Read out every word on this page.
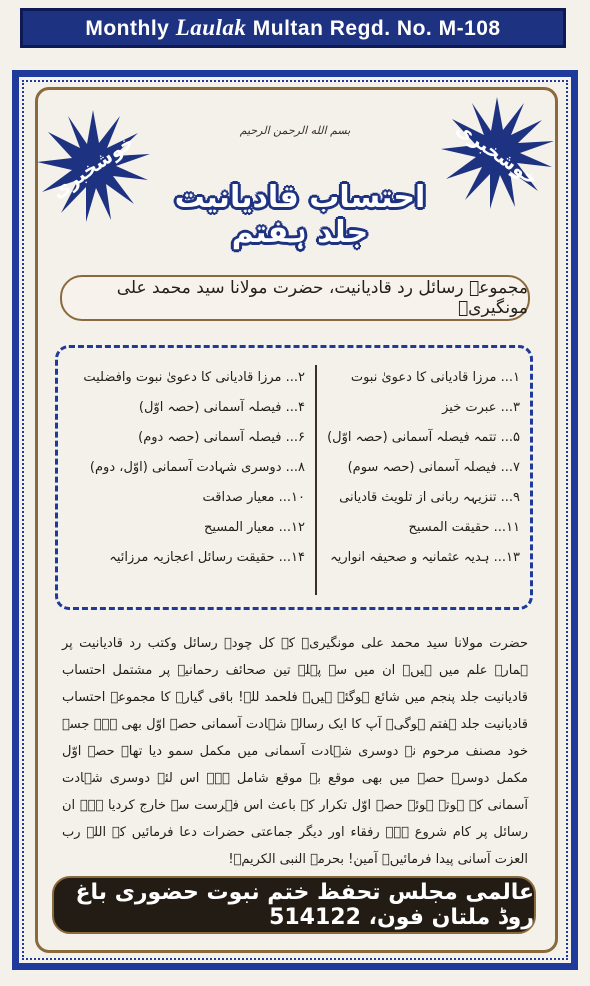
Monthly Laulak Multan Regd. No. M-108
خوشخبری	خوشخبری
بسم الله الرحمن الرحیم
احتساب قادیانیت جلد ہفتم
مجموعہ رسائل رد قادیانیت، حضرت مولانا سید محمد علی مونگیریؒ
۱... مرزا قادیانی کا دعویٰ نبوت
۳... عبرت خیز
۵... تتمہ فیصلہ آسمانی (حصہ اوّل)
۷... فیصلہ آسمانی (حصہ سوم)
۹... تنزیہہ ربانی از تلویث قادیانی
۱۱... حقیقت المسیح
۱۳... ہدیہ عثمانیہ و صحیفہ انواریہ
۲... مرزا قادیانی کا دعویٰ نبوت وافضلیت
۴... فیصلہ آسمانی (حصہ اوّل)
۶... فیصلہ آسمانی (حصہ دوم)
۸... دوسری شہادت آسمانی (اوّل، دوم)
۱۰... معیار صداقت
۱۲... معیار المسیح
۱۴... حقیقت رسائل اعجازیہ مرزائیہ
حضرت مولانا سید محمد علی مونگیریؒ کے کل چودہ رسائل وکتب رد قادیانیت پر ہمارے علم میں ہیں۔ ان میں سے پہلے تین صحائف رحمانیہ پر مشتمل احتساب قادیانیت جلد پنجم میں شائع ہوگئے ہیں۔ فلحمد للہ! باقی گیارہ کا مجموعہ احتساب قادیانیت جلد ہفتم ہوگی۔ آپ کا ایک رسالہ شہادت آسمانی حصہ اوّل بھی ہے۔ جسے خود مصنف مرحوم نے دوسری شہادت آسمانی میں مکمل سمو دیا تھا۔ حصہ اوّل مکمل دوسرے حصہ میں بھی موقع بہ موقع شامل ہے۔ اس لئے دوسری شہادت آسمانی کے ہوتے ہوئے حصہ اوّل تکرار کے باعث اس فہرست سے خارج کردیا ہے۔ ان رسائل پر کام شروع ہے۔ رفقاء اور دیگر جماعتی حضرات دعا فرمائیں کہ اللہ رب العزت آسانی پیدا فرمائیں۔ آمین! بحرمۃ النبی الکریمؐ!
عالمی مجلس تحفظ ختم نبوت حضوری باغ روڈ ملتان فون، 514122
